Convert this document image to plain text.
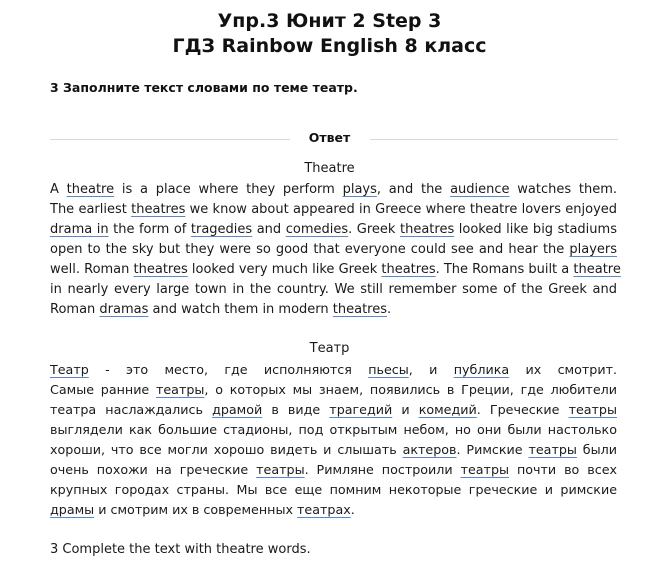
Упр.3 Юнит 2 Step 3
ГДЗ Rainbow English 8 класс
3 Заполните текст словами по теме театр.
Ответ
Theatre
A theatre is a place where they perform plays, and the audience watches them.
The earliest theatres we know about appeared in Greece where theatre lovers enjoyed
drama in the form of tragedies and comedies. Greek theatres looked like big stadiums
open to the sky but they were so good that everyone could see and hear the players
well. Roman theatres looked very much like Greek theatres. The Romans built a theatre
in nearly every large town in the country. We still remember some of the Greek and
Roman dramas and watch them in modern theatres.
Театр
Театр - это место, где исполняются пьесы, и публика их смотрит.
Самые ранние театры, о которых мы знаем, появились в Греции, где любители
театра наслаждались драмой в виде трагедий и комедий. Греческие театры
выглядели как большие стадионы, под открытым небом, но они были настолько
хороши, что все могли хорошо видеть и слышать актеров. Римские театры были
очень похожи на греческие театры. Римляне построили театры почти во всех
крупных городах страны. Мы все еще помним некоторые греческие и римские
драмы и смотрим их в современных театрах.
3 Complete the text with theatre words.
